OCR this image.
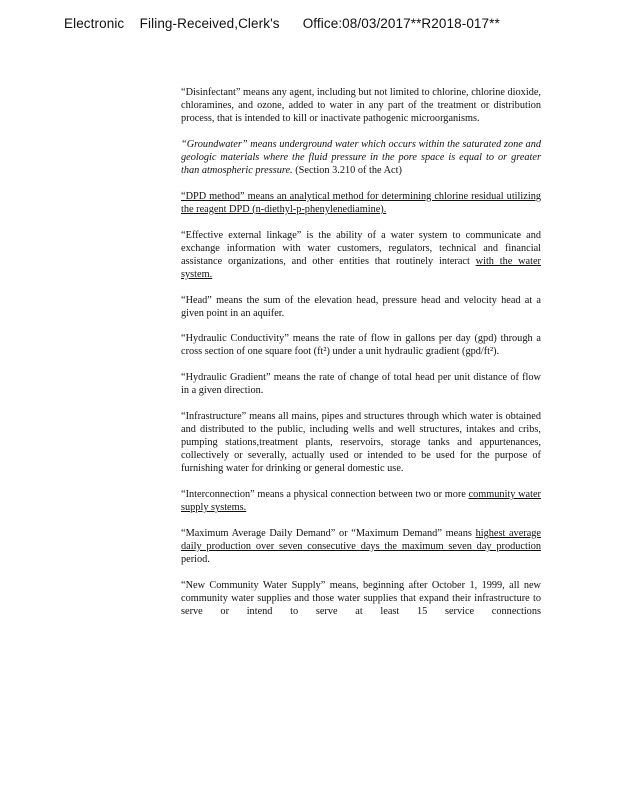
Electronic    Filing-Received,Clerk's      Office:08/03/2017**R2018-017**

“Disinfectant” means any agent, including but not limited to chlorine, chlorine dioxide, chloramines, and ozone, added to water in any part of the treatment or distribution process, that is intended to kill or inactivate pathogenic microorganisms.

“Groundwater” means underground water which occurs within the saturated zone and geologic materials where the fluid pressure in the pore space is equal to or greater than atmospheric pressure. (Section 3.210 of the Act)

“DPD method” means an analytical method for determining chlorine residual utilizing the reagent DPD (n-diethyl-p-phenylenediamine).

“Effective external linkage” is the ability of a water system to communicate and exchange information with water customers, regulators, technical and financial assistance organizations, and other entities that routinely interact with the water system.

“Head” means the sum of the elevation head, pressure head and velocity head at a given point in an aquifer.

“Hydraulic Conductivity” means the rate of flow in gallons per day (gpd) through a cross section of one square foot (ft²) under a unit hydraulic gradient (gpd/ft²).

“Hydraulic Gradient” means the rate of change of total head per unit distance of flow in a given direction.

“Infrastructure” means all mains, pipes and structures through which water is obtained and distributed to the public, including wells and well structures, intakes and cribs, pumping stations,treatment plants, reservoirs, storage tanks and appurtenances, collectively or severally, actually used or intended to be used for the purpose of furnishing water for drinking or general domestic use.

“Interconnection” means a physical connection between two or more community water supply systems.

“Maximum Average Daily Demand” or “Maximum Demand” means highest average daily production over seven consecutive days the maximum seven day production period.

“New Community Water Supply” means, beginning after October 1, 1999, all new community water supplies and those water supplies that expand their infrastructure to serve or intend to serve at least 15 service connections
